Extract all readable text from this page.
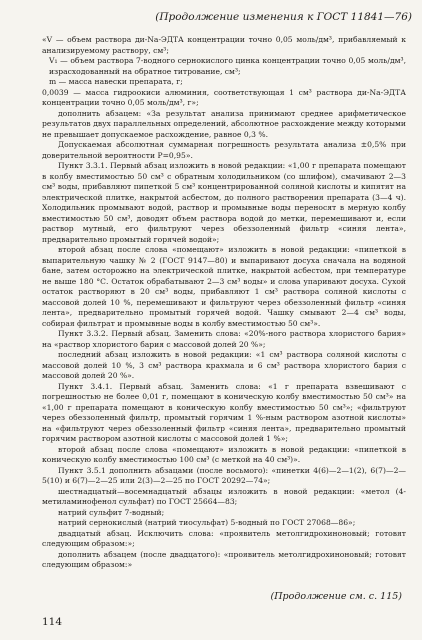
(Продолжение изменения к ГОСТ 11841—76)

«V — объем раствора ди-Na-ЭДТА концентрации точно 0,05 моль/дм³, прибавляемый к анализируемому раствору, см³;

V₁ — объем раствора 7-водного сернокислого цинка концентрации точно 0,05 моль/дм³, израсходованный на обратное титрование, см³;

m — масса навески препарата, г;

0,0039 — масса гидроокиси алюминия, соответствующая 1 см³ раствора ди-Na-ЭДТА концентрации точно 0,05 моль/дм³, г»;

дополнить абзацем: «За результат анализа принимают среднее арифметическое результатов двух параллельных определений, абсолютное расхождение между которыми не превышает допускаемое расхождение, равное 0,3 %.

Допускаемая абсолютная суммарная погрешность результата анализа ±0,5% при доверительной вероятности Р=0,95».

Пункт 3.3.1. Первый абзац изложить в новой редакции: «1,00 г препарата помещают в колбу вместимостью 50 см³ с обратным холодильником (со шлифом), смачивают 2—3 см³ воды, прибавляют пипеткой 5 см³ концентрированной соляной кислоты и кипятят на электрической плитке, накрытой асбестом, до полного растворения препарата (3—4 ч). Холодильник промывают водой, раствор и промывные воды переносят в мерную колбу вместимостью 50 см³, доводят объем раствора водой до метки, перемешивают и, если раствор мутный, его фильтруют через обеззоленный фильтр «синяя лента», предварительно промытый горячей водой»;

второй абзац после слова «помещают» изложить в новой редакции: «пипеткой в выпарительную чашку № 2 (ГОСТ 9147—80) и выпаривают досуха сначала на водяной бане, затем осторожно на электрической плитке, накрытой асбестом, при температуре не выше 180 °С. Остаток обрабатывают 2—3 см³ воды» и слова упаривают досуха. Сухой остаток растворяют в 20 см³ воды, прибавляют 1 см³ раствора соляной кислоты с массовой долей 10 %, перемешивают и фильтруют через обеззоленный фильтр «синяя лента», предварительно промытый горячей водой. Чашку смывают 2—4 см³ воды, собирая фильтрат и промывные воды в колбу вместимостью 50 см³».

Пункт 3.3.2. Первый абзац. Заменить слова: «20%-ного раствора хлористого бария» на «раствор хлористого бария с массовой долей 20 %»;

последний абзац изложить в новой редакции: «1 см³ раствора соляной кислоты с массовой долей 10 %, 3 см³ раствора крахмала и 6 см³ раствора хлористого бария с массовой долей 20 %».

Пункт 3.4.1. Первый абзац. Заменить слова: «1 г препарата взвешивают с погрешностью не более 0,01 г, помещают в коническую колбу вместимостью 50 см³» на «1,00 г препарата помещают в коническую колбу вместимостью 50 см³»; «фильтруют через обеззоленный фильтр, промытый горячим 1 %-ным раствором азотной кислоты» на «фильтруют через обеззоленный фильтр «синяя лента», предварительно промытый горячим раствором азотной кислоты с массовой долей 1 %»;

второй абзац после слова «помещают» изложить в новой редакции: «пипеткой в коническую колбу вместимостью 100 см³ (с меткой на 40 см³)».

Пункт 3.5.1 дополнить абзацами (после восьмого): «пинетки 4(6)—2—1(2), 6(7)—2—5(10) и 6(7)—2—25 или 2(3)—2—25 по ГОСТ 20292—74»;

шестнадцатый—восемнадцатый абзацы изложить в новой редакции: «метол (4-метиламинофенол сульфат) по ГОСТ 25664—83;

натрий сульфит 7-водный;

натрий сернокислый (натрий тиосульфат) 5-водный по ГОСТ 27068—86»;

двадцатый абзац. Исключить слова: «проявитель метолгидрохиноновый; готовят следующим образом:»;

дополнить абзацем (после двадцатого): «проявитель метолгидрохиноновый; готовят следующим образом:»

(Продолжение см. с. 115)
114
